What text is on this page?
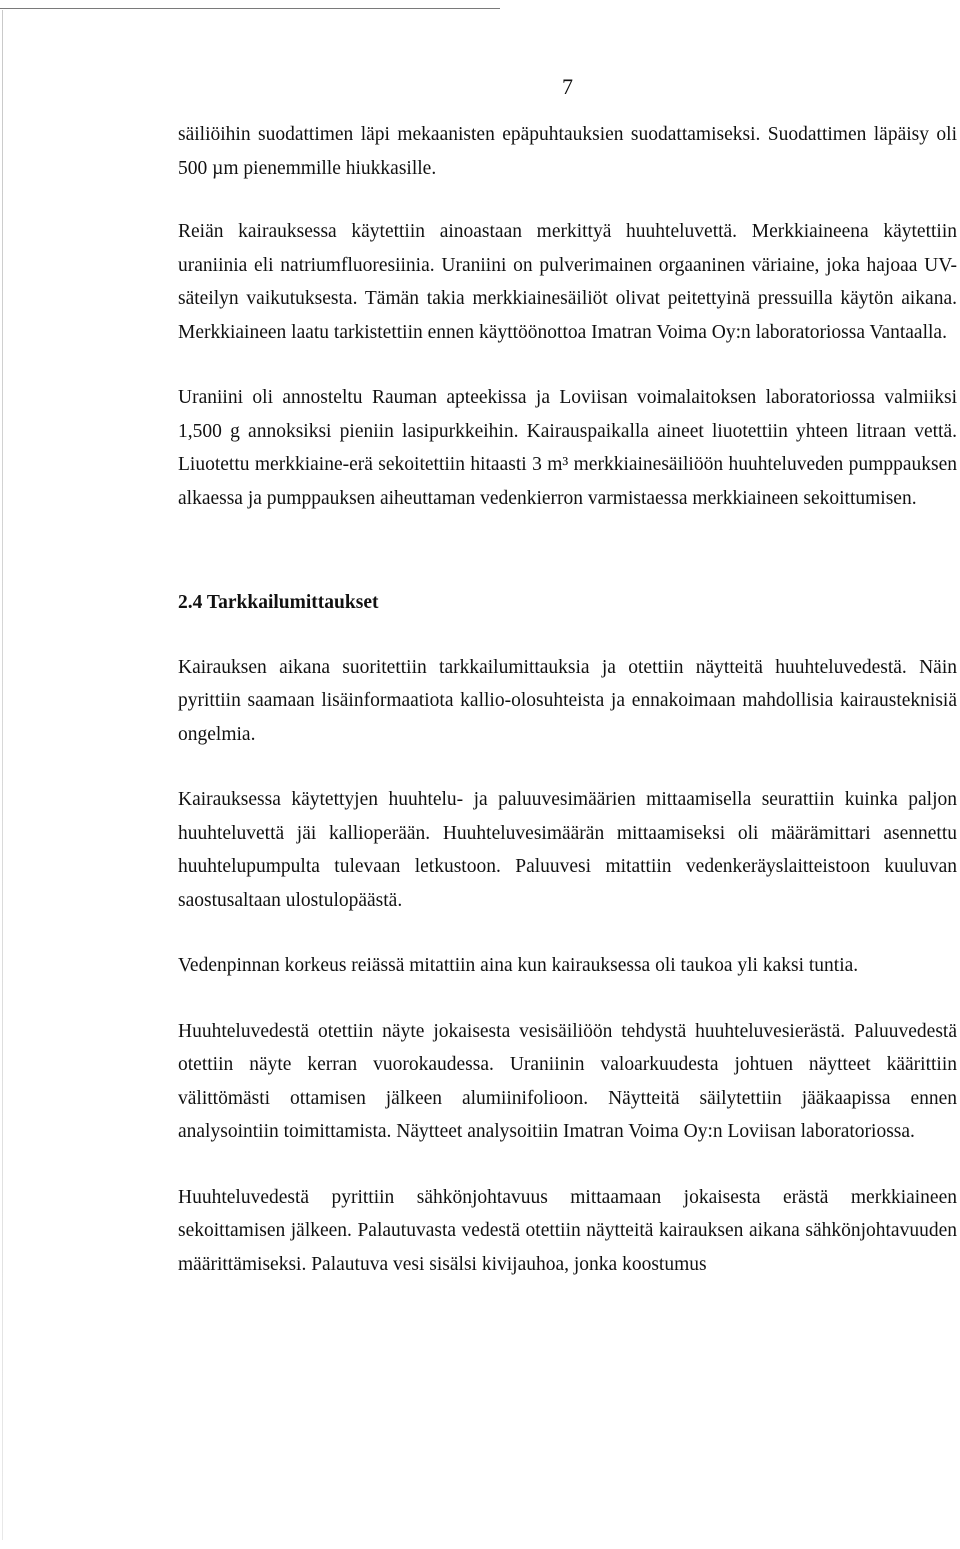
7

säiliöihin suodattimen läpi mekaanisten epäpuhtauksien suodattamiseksi. Suodattimen läpäisy oli 500 µm pienemmille hiukkasille.

Reiän kairauksessa käytettiin ainoastaan merkittyä huuhteluvettä. Merkkiaineena käytettiin uraniinia eli natriumfluoresiinia. Uraniini on pulverimainen orgaaninen väriaine, joka hajoaa UV-säteilyn vaikutuksesta. Tämän takia merkkiainesäiliöt olivat peitettyinä pressuilla käytön aikana. Merkkiaineen laatu tarkistettiin ennen käyttöönottoa Imatran Voima Oy:n laboratoriossa Vantaalla.

Uraniini oli annosteltu Rauman apteekissa ja Loviisan voimalaitoksen laboratoriossa valmiiksi 1,500 g annoksiksi pieniin lasipurkkeihin. Kairauspaikalla aineet liuotettiin yhteen litraan vettä. Liuotettu merkkiaine-erä sekoitettiin hitaasti 3 m³ merkkiainesäiliöön huuhteluveden pumppauksen alkaessa ja pumppauksen aiheuttaman vedenkierron varmistaessa merkkiaineen sekoittumisen.

2.4 Tarkkailumittaukset

Kairauksen aikana suoritettiin tarkkailumittauksia ja otettiin näytteitä huuhteluvedestä. Näin pyrittiin saamaan lisäinformaatiota kallio-olosuhteista ja ennakoimaan mahdollisia kairausteknisiä ongelmia.

Kairauksessa käytettyjen huuhtelu- ja paluuvesimäärien mittaamisella seurattiin kuinka paljon huuhteluvettä jäi kallioperään. Huuhteluvesimäärän mittaamiseksi oli määrämittari asennettu huuhtelupumpulta tulevaan letkustoon. Paluuvesi mitattiin vedenkeräyslaitteistoon kuuluvan saostusaltaan ulostulopäästä.

Vedenpinnan korkeus reiässä mitattiin aina kun kairauksessa oli taukoa yli kaksi tuntia.

Huuhteluvedestä otettiin näyte jokaisesta vesisäiliöön tehdystä huuhteluvesierästä. Paluuvedestä otettiin näyte kerran vuorokaudessa. Uraniinin valoarkuudesta johtuen näytteet käärittiin välittömästi ottamisen jälkeen alumiinifolioon. Näytteitä säilytettiin jääkaapissa ennen analysointiin toimittamista. Näytteet analysoitiin Imatran Voima Oy:n Loviisan laboratoriossa.

Huuhteluvedestä pyrittiin sähkönjohtavuus mittaamaan jokaisesta erästä merkkiaineen sekoittamisen jälkeen. Palautuvasta vedestä otettiin näytteitä kairauksen aikana sähkönjohtavuuden määrittämiseksi. Palautuva vesi sisälsi kivijauhoa, jonka koostumus
